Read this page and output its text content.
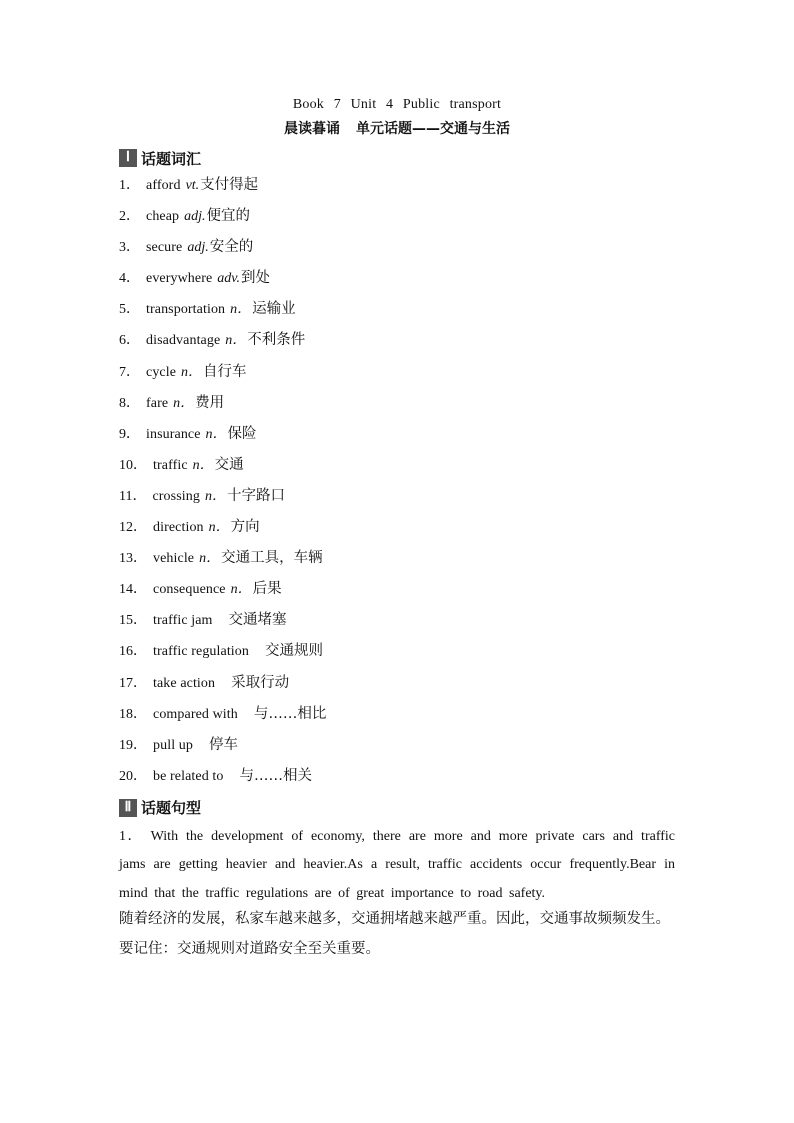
Book 7 Unit 4 Public transport
晨读暮诵 单元话题——交通与生活
Ⅰ 话题词汇
1． afford vt.支付得起
2． cheap adj.便宜的
3． secure adj.安全的
4． everywhere adv.到处
5． transportation n．运输业
6． disadvantage n．不利条件
7． cycle n．自行车
8． fare n．费用
9． insurance n．保险
10． traffic n．交通
11． crossing n．十字路口
12． direction n．方向
13． vehicle n．交通工具，车辆
14． consequence n．后果
15． traffic jam 交通堵塞
16． traffic regulation 交通规则
17． take action 采取行动
18． compared with 与……相比
19． pull up 停车
20． be related to 与……相关
Ⅱ 话题句型
1． With the development of economy, there are more and more private cars and traffic jams are getting heavier and heavier.As a result, traffic accidents occur frequently.Bear in mind that the traffic regulations are of great importance to road safety.
随着经济的发展，私家车越来越多，交通拥堵越来越严重。因此，交通事故频频发生。要记住：交通规则对道路安全至关重要。
